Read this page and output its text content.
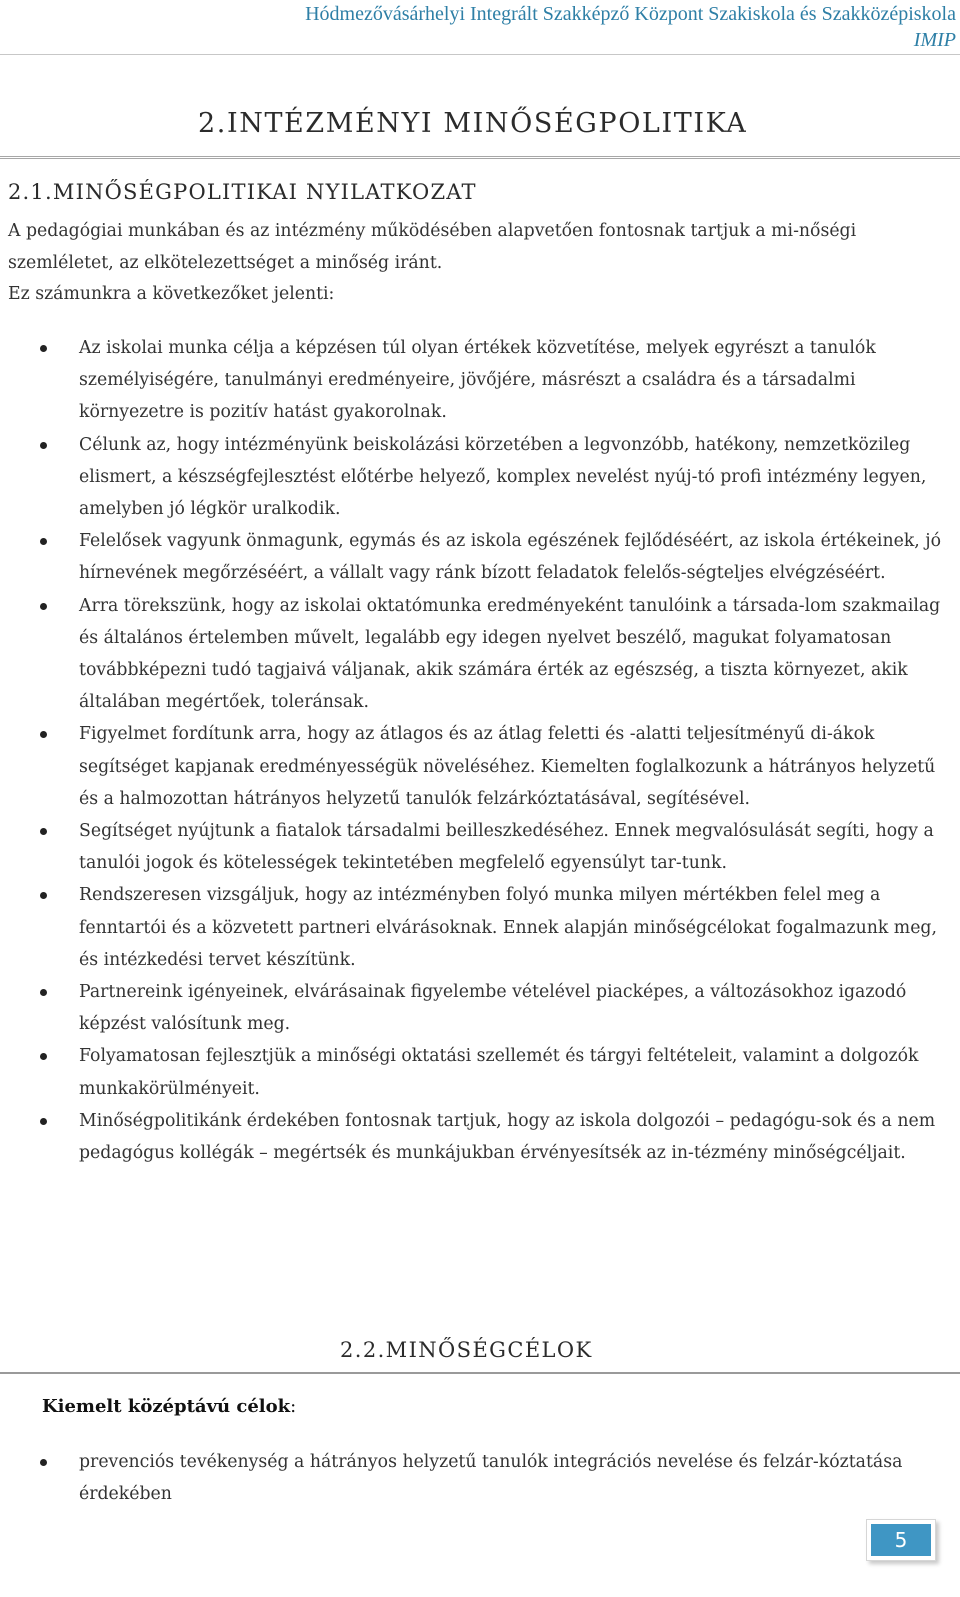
Hódmezővásárhelyi Integrált Szakképző Központ Szakiskola és Szakközépiskola
IMIP
2.INTÉZMÉNYI MINŐSÉGPOLITIKA
2.1.MINŐSÉGPOLITIKAI NYILATKOZAT

A pedagógiai munkában és az intézmény működésében alapvetően fontosnak tartjuk a mi-nőségi szemléletet, az elkötelezettséget a minőség iránt.

Ez számunkra a következőket jelenti:

Az iskolai munka célja a képzésen túl olyan értékek közvetítése, melyek egyrészt a tanulók személyiségére, tanulmányi eredményeire, jövőjére, másrészt a családra és a társadalmi környezetre is pozitív hatást gyakorolnak.
Célunk az, hogy intézményünk beiskolázási körzetében a legvonzóbb, hatékony, nemzetközileg elismert, a készségfejlesztést előtérbe helyező, komplex nevelést nyúj-tó profi intézmény legyen, amelyben jó légkör uralkodik.
Felelősek vagyunk önmagunk, egymás és az iskola egészének fejlődéséért, az iskola értékeinek, jó hírnevének megőrzéséért, a vállalt vagy ránk bízott feladatok felelős-ségteljes elvégzéséért.
Arra törekszünk, hogy az iskolai oktatómunka eredményeként tanulóink a társada-lom szakmailag és általános értelemben művelt, legalább egy idegen nyelvet beszélő, magukat folyamatosan továbbképezni tudó tagjaivá váljanak, akik számára érték az egészség, a tiszta környezet, akik általában megértőek, toleránsak.
Figyelmet fordítunk arra, hogy az átlagos és az átlag feletti és -alatti teljesítményű di-ákok segítséget kapjanak eredményességük növeléséhez. Kiemelten foglalkozunk a hátrányos helyzetű és a halmozottan hátrányos helyzetű tanulók felzárkóztatásával, segítésével.
Segítséget nyújtunk a fiatalok társadalmi beilleszkedéséhez. Ennek megvalósulását segíti, hogy a tanulói jogok és kötelességek tekintetében megfelelő egyensúlyt tar-tunk.
Rendszeresen vizsgáljuk, hogy az intézményben folyó munka milyen mértékben felel meg a fenntartói és a közvetett partneri elvárásoknak. Ennek alapján minőségcélokat fogalmazunk meg, és intézkedési tervet készítünk.
Partnereink igényeinek, elvárásainak figyelembe vételével piacképes, a változásokhoz igazodó képzést valósítunk meg.
Folyamatosan fejlesztjük a minőségi oktatási szellemét és tárgyi feltételeit, valamint a dolgozók munkakörülményeit.
Minőségpolitikánk érdekében fontosnak tartjuk, hogy az iskola dolgozói – pedagógu-sok és a nem pedagógus kollégák – megértsék és munkájukban érvényesítsék az in-tézmény minőségcéljait.
2.2.MINŐSÉGCÉLOK
Kiemelt középtávú célok:
prevenciós tevékenység a hátrányos helyzetű tanulók integrációs nevelése és felzár-kóztatása érdekében
5
